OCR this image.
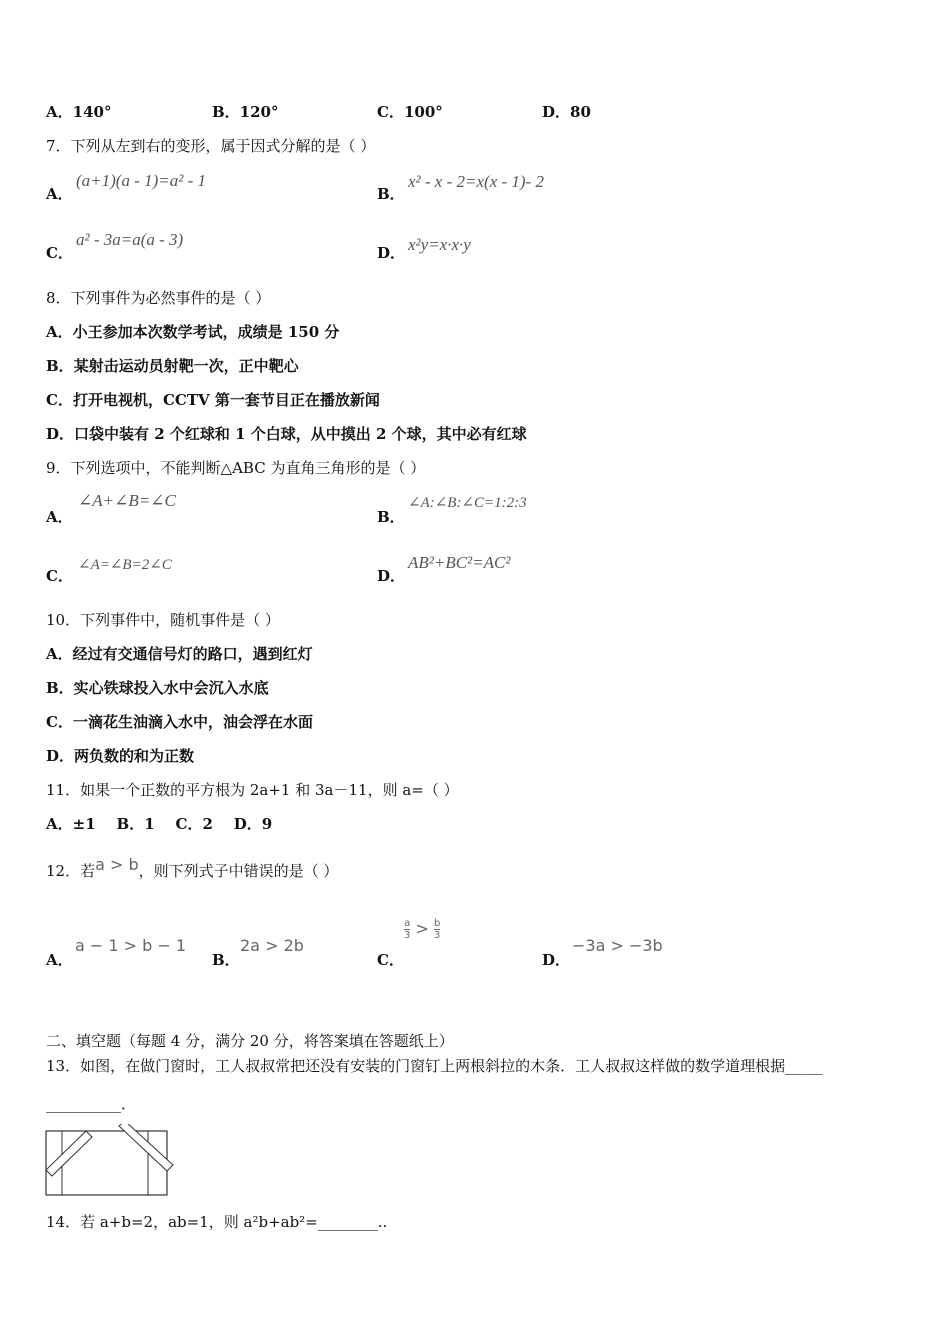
A．140°	B．120°	C．100°	D．80
7．下列从左到右的变形，属于因式分解的是（ ）
A．
(a+1)(a - 1)=a² - 1
B．
x² - x - 2=x(x - 1)- 2
C．
a² - 3a=a(a - 3)
D． x²y=x·x·y
8．下列事件为必然事件的是（ ）
A．小王参加本次数学考试，成绩是 150 分
B．某射击运动员射靶一次，正中靶心
C．打开电视机，CCTV 第一套节目正在播放新闻
D．口袋中装有 2 个红球和 1 个白球，从中摸出 2 个球，其中必有红球
9．下列选项中，不能判断△ABC 为直角三角形的是（ ）
A．
∠A+∠B=∠C
B．
∠A:∠B:∠C=1:2:3
C．
∠A=∠B=2∠C
D．
AB²+BC²=AC²
10．下列事件中，随机事件是（ ）
A．经过有交通信号灯的路口，遇到红灯
B．实心铁球投入水中会沉入水底
C．一滴花生油滴入水中，油会浮在水面
D．两负数的和为正数
11．如果一个正数的平方根为 2a+1 和 3a－11，则 a=（ ）
A．±1    B．1    C．2    D．9
12．若a > b，则下列式子中错误的是（ ）
A．
a − 1 > b − 1
B．
2a > 2b
C．
$\frac{a}{3} > \frac{b}{3}$
D．
−3a > −3b
二、填空题（每题 4 分，满分 20 分，将答案填在答题纸上）
13．如图，在做门窗时，工人叔叔常把还没有安装的门窗钉上两根斜拉的木条．工人叔叔这样做的数学道理根据_____
__________．
14．若 a+b=2，ab=1，则 a²b+ab²=________..
